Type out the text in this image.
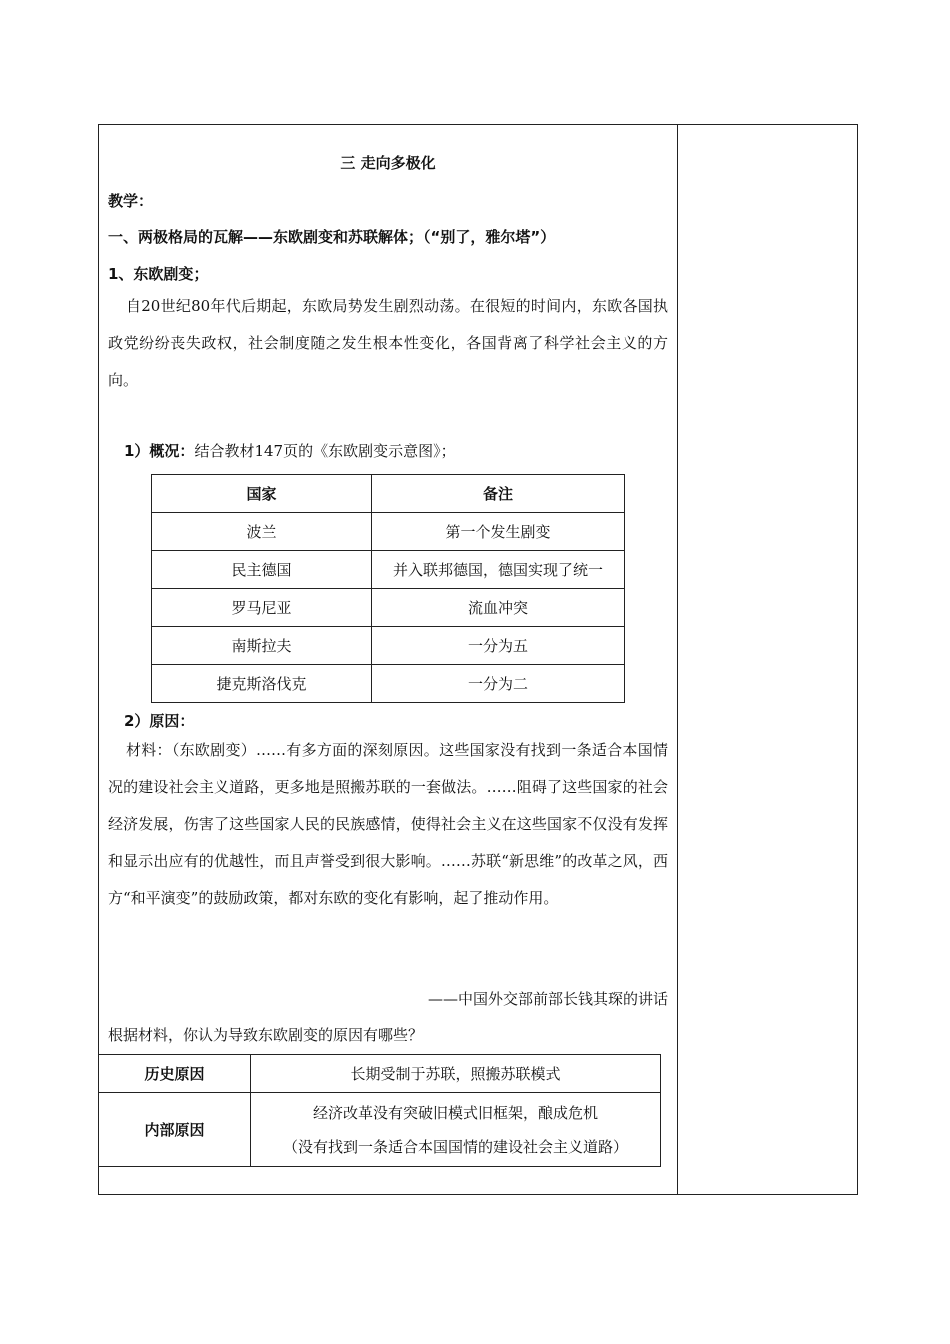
三 走向多极化
教学：
一、两极格局的瓦解——东欧剧变和苏联解体；（“别了，雅尔塔”）
1、东欧剧变；
自20世纪80年代后期起，东欧局势发生剧烈动荡。在很短的时间内，东欧各国执政党纷纷丧失政权，社会制度随之发生根本性变化，各国背离了科学社会主义的方向。
1）概况：结合教材147页的《东欧剧变示意图》；
国家	备注
波兰	第一个发生剧变
民主德国	并入联邦德国，德国实现了统一
罗马尼亚	流血冲突
南斯拉夫	一分为五
捷克斯洛伐克	一分为二
2）原因：
材料：（东欧剧变）……有多方面的深刻原因。这些国家没有找到一条适合本国情况的建设社会主义道路，更多地是照搬苏联的一套做法。……阻碍了这些国家的社会经济发展，伤害了这些国家人民的民族感情，使得社会主义在这些国家不仅没有发挥和显示出应有的优越性，而且声誉受到很大影响。……苏联“新思维”的改革之风，西方“和平演变”的鼓励政策，都对东欧的变化有影响，起了推动作用。
——中国外交部前部长钱其琛的讲话
根据材料，你认为导致东欧剧变的原因有哪些？
历史原因	长期受制于苏联，照搬苏联模式
内部原因	经济改革没有突破旧模式旧框架，酿成危机
（没有找到一条适合本国国情的建设社会主义道路）
